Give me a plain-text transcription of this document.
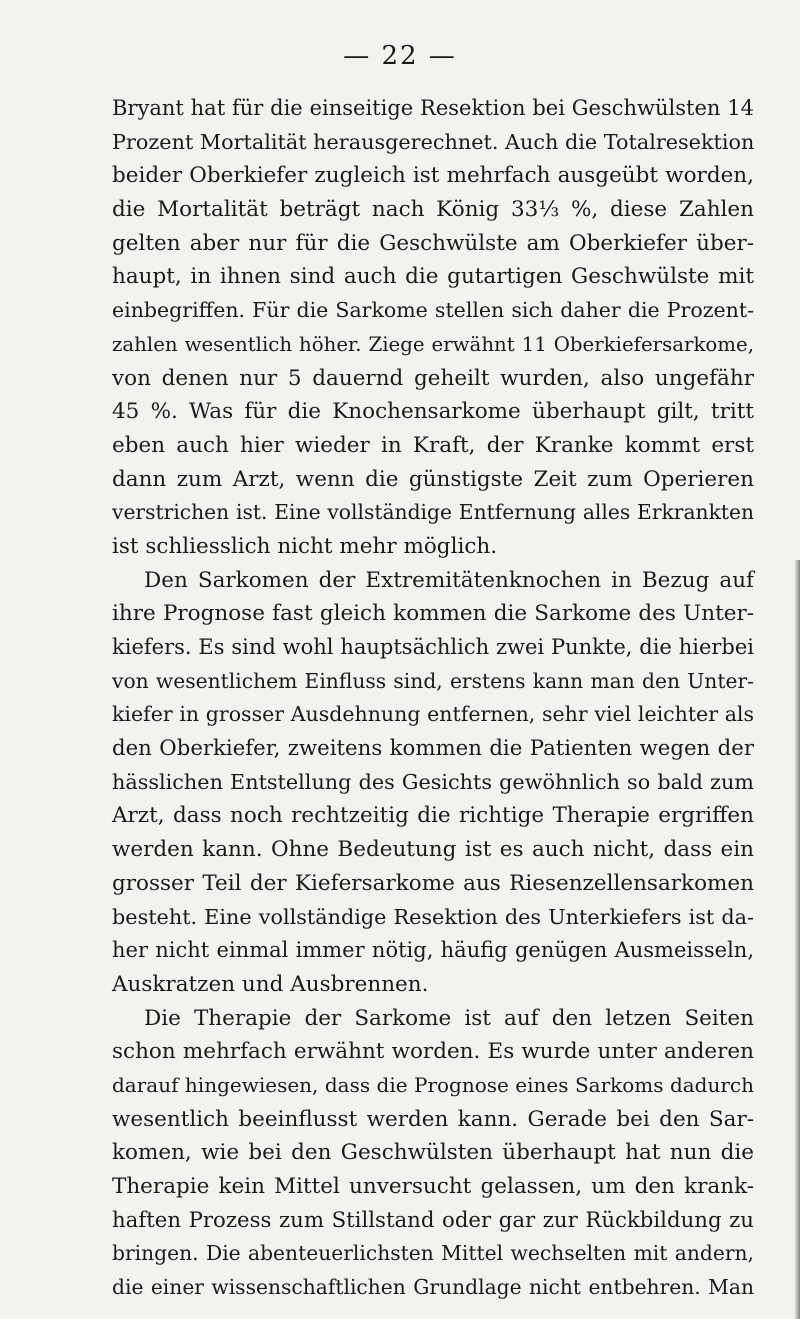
— 22 —
Bryant hat für die einseitige Resektion bei Geschwülsten 14
Prozent Mortalität herausgerechnet. Auch die Totalresektion
beider Oberkiefer zugleich ist mehrfach ausgeübt worden,
die Mortalität beträgt nach König 33⅓ %, diese Zahlen
gelten aber nur für die Geschwülste am Oberkiefer über-
haupt, in ihnen sind auch die gutartigen Geschwülste mit
einbegriffen. Für die Sarkome stellen sich daher die Prozent-
zahlen wesentlich höher. Ziege erwähnt 11 Oberkiefersarkome,
von denen nur 5 dauernd geheilt wurden, also ungefähr
45 %. Was für die Knochensarkome überhaupt gilt, tritt
eben auch hier wieder in Kraft, der Kranke kommt erst
dann zum Arzt, wenn die günstigste Zeit zum Operieren
verstrichen ist. Eine vollständige Entfernung alles Erkrankten
ist schliesslich nicht mehr möglich.
Den Sarkomen der Extremitätenknochen in Bezug auf
ihre Prognose fast gleich kommen die Sarkome des Unter-
kiefers. Es sind wohl hauptsächlich zwei Punkte, die hierbei
von wesentlichem Einfluss sind, erstens kann man den Unter-
kiefer in grosser Ausdehnung entfernen, sehr viel leichter als
den Oberkiefer, zweitens kommen die Patienten wegen der
hässlichen Entstellung des Gesichts gewöhnlich so bald zum
Arzt, dass noch rechtzeitig die richtige Therapie ergriffen
werden kann. Ohne Bedeutung ist es auch nicht, dass ein
grosser Teil der Kiefersarkome aus Riesenzellensarkomen
besteht. Eine vollständige Resektion des Unterkiefers ist da-
her nicht einmal immer nötig, häufig genügen Ausmeisseln,
Auskratzen und Ausbrennen.
Die Therapie der Sarkome ist auf den letzen Seiten
schon mehrfach erwähnt worden. Es wurde unter anderen
darauf hingewiesen, dass die Prognose eines Sarkoms dadurch
wesentlich beeinflusst werden kann. Gerade bei den Sar-
komen, wie bei den Geschwülsten überhaupt hat nun die
Therapie kein Mittel unversucht gelassen, um den krank-
haften Prozess zum Stillstand oder gar zur Rückbildung zu
bringen. Die abenteuerlichsten Mittel wechselten mit andern,
die einer wissenschaftlichen Grundlage nicht entbehren. Man
